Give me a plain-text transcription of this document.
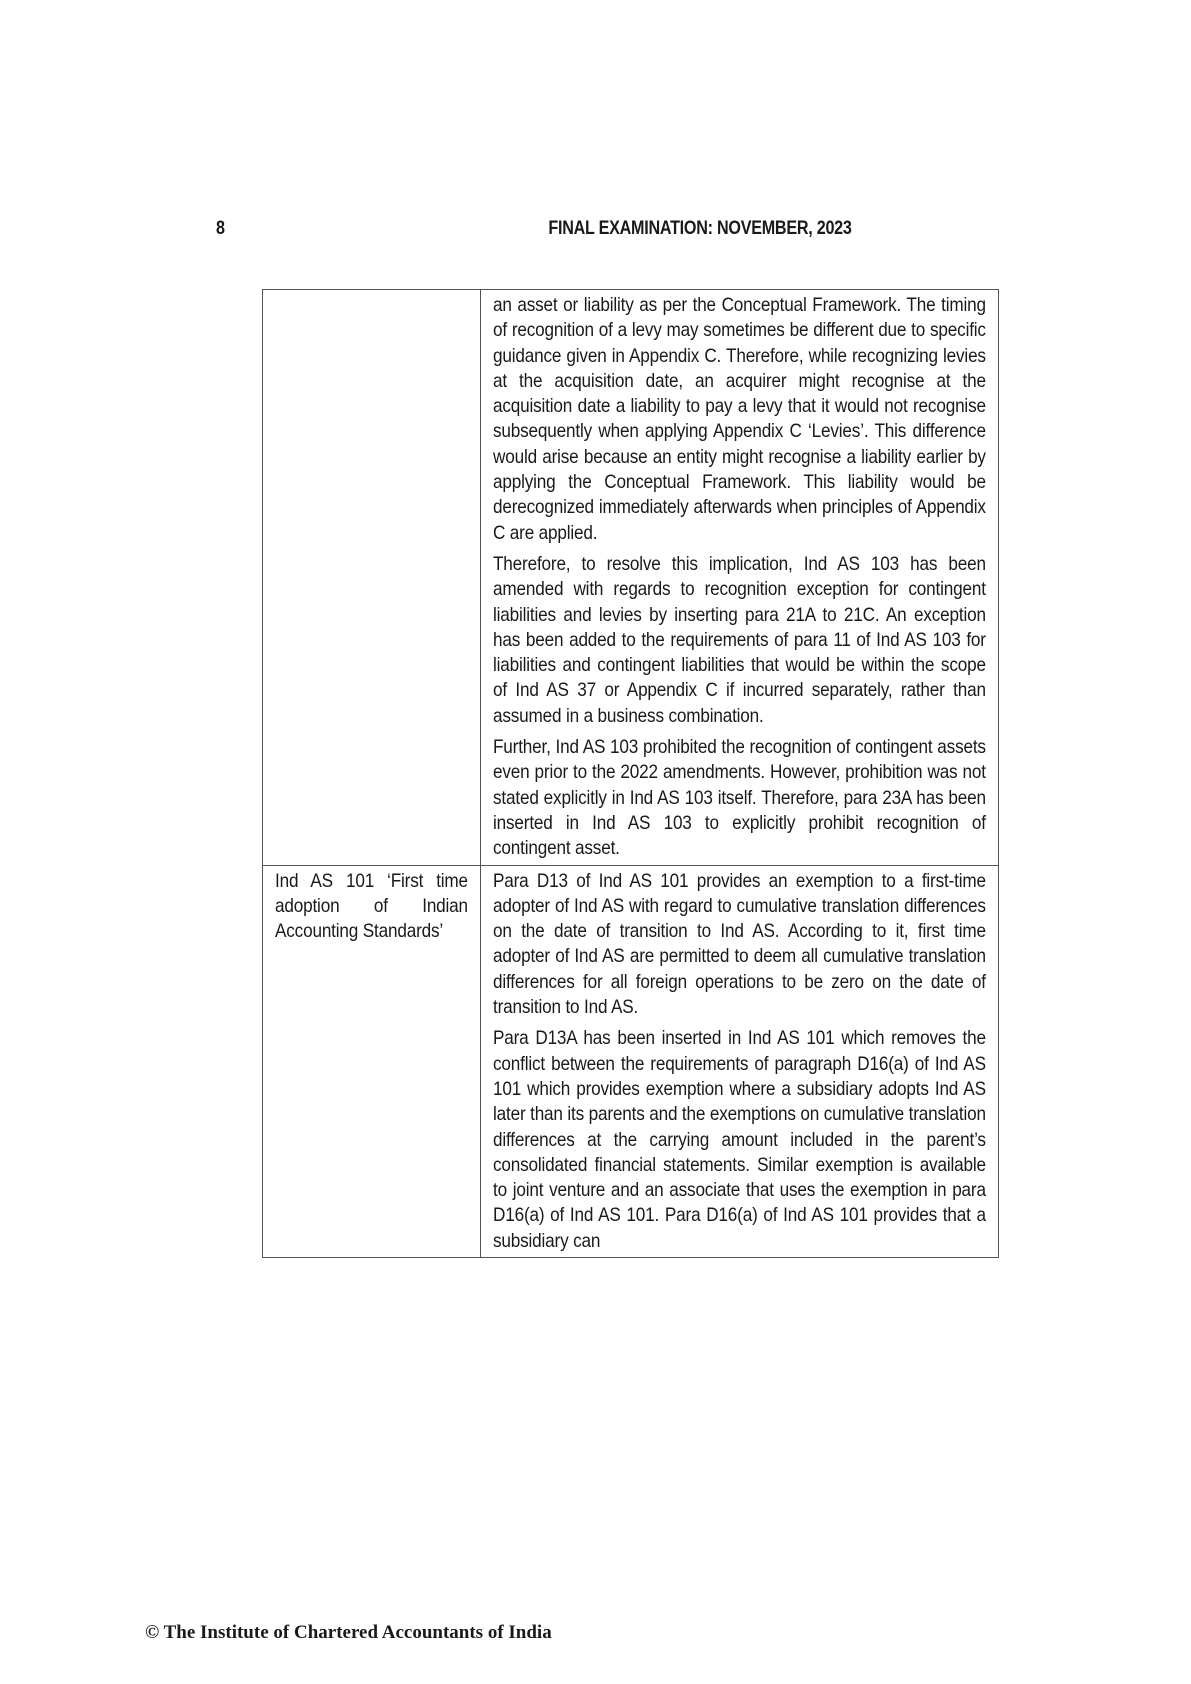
8	FINAL EXAMINATION: NOVEMBER, 2023

	an asset or liability as per the Conceptual Framework. The timing of recognition of a levy may sometimes be different due to specific guidance given in Appendix C. Therefore, while recognizing levies at the acquisition date, an acquirer might recognise at the acquisition date a liability to pay a levy that it would not recognise subsequently when applying Appendix C ‘Levies’. This difference would arise because an entity might recognise a liability earlier by applying the Conceptual Framework. This liability would be derecognized immediately afterwards when principles of Appendix C are applied.

Therefore, to resolve this implication, Ind AS 103 has been amended with regards to recognition exception for contingent liabilities and levies by inserting para 21A to 21C. An exception has been added to the requirements of para 11 of Ind AS 103 for liabilities and contingent liabilities that would be within the scope of Ind AS 37 or Appendix C if incurred separately, rather than assumed in a business combination.

Further, Ind AS 103 prohibited the recognition of contingent assets even prior to the 2022 amendments. However, prohibition was not stated explicitly in Ind AS 103 itself. Therefore, para 23A has been inserted in Ind AS 103 to explicitly prohibit recognition of contingent asset.

Ind AS 101 ‘First time adoption of Indian Accounting Standards’	Para D13 of Ind AS 101 provides an exemption to a first-time adopter of Ind AS with regard to cumulative translation differences on the date of transition to Ind AS. According to it, first time adopter of Ind AS are permitted to deem all cumulative translation differences for all foreign operations to be zero on the date of transition to Ind AS.

Para D13A has been inserted in Ind AS 101 which removes the conflict between the requirements of paragraph D16(a) of Ind AS 101 which provides exemption where a subsidiary adopts Ind AS later than its parents and the exemptions on cumulative translation differences at the carrying amount included in the parent’s consolidated financial statements. Similar exemption is available to joint venture and an associate that uses the exemption in para D16(a) of Ind AS 101. Para D16(a) of Ind AS 101 provides that a subsidiary can

© The Institute of Chartered Accountants of India
